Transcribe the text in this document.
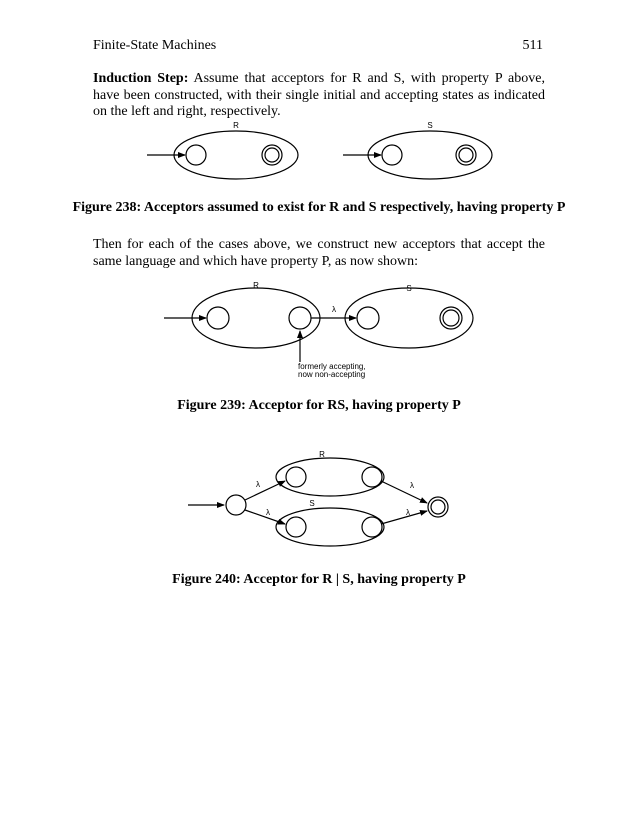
Finite-State Machines	511
Induction Step: Assume that acceptors for R and S, with property P above, have been constructed, with their single initial and accepting states as indicated on the left and right, respectively.
R	S
R	S
λ
formerly accepting,
now non-accepting
R
S
λ
λ
λ
λ
Figure 238: Acceptors assumed to exist for R and S respectively, having property P
Then for each of the cases above, we construct new acceptors that accept the same language and which have property P, as now shown:
Figure 239: Acceptor for RS, having property P
Figure 240: Acceptor for R | S, having property P
